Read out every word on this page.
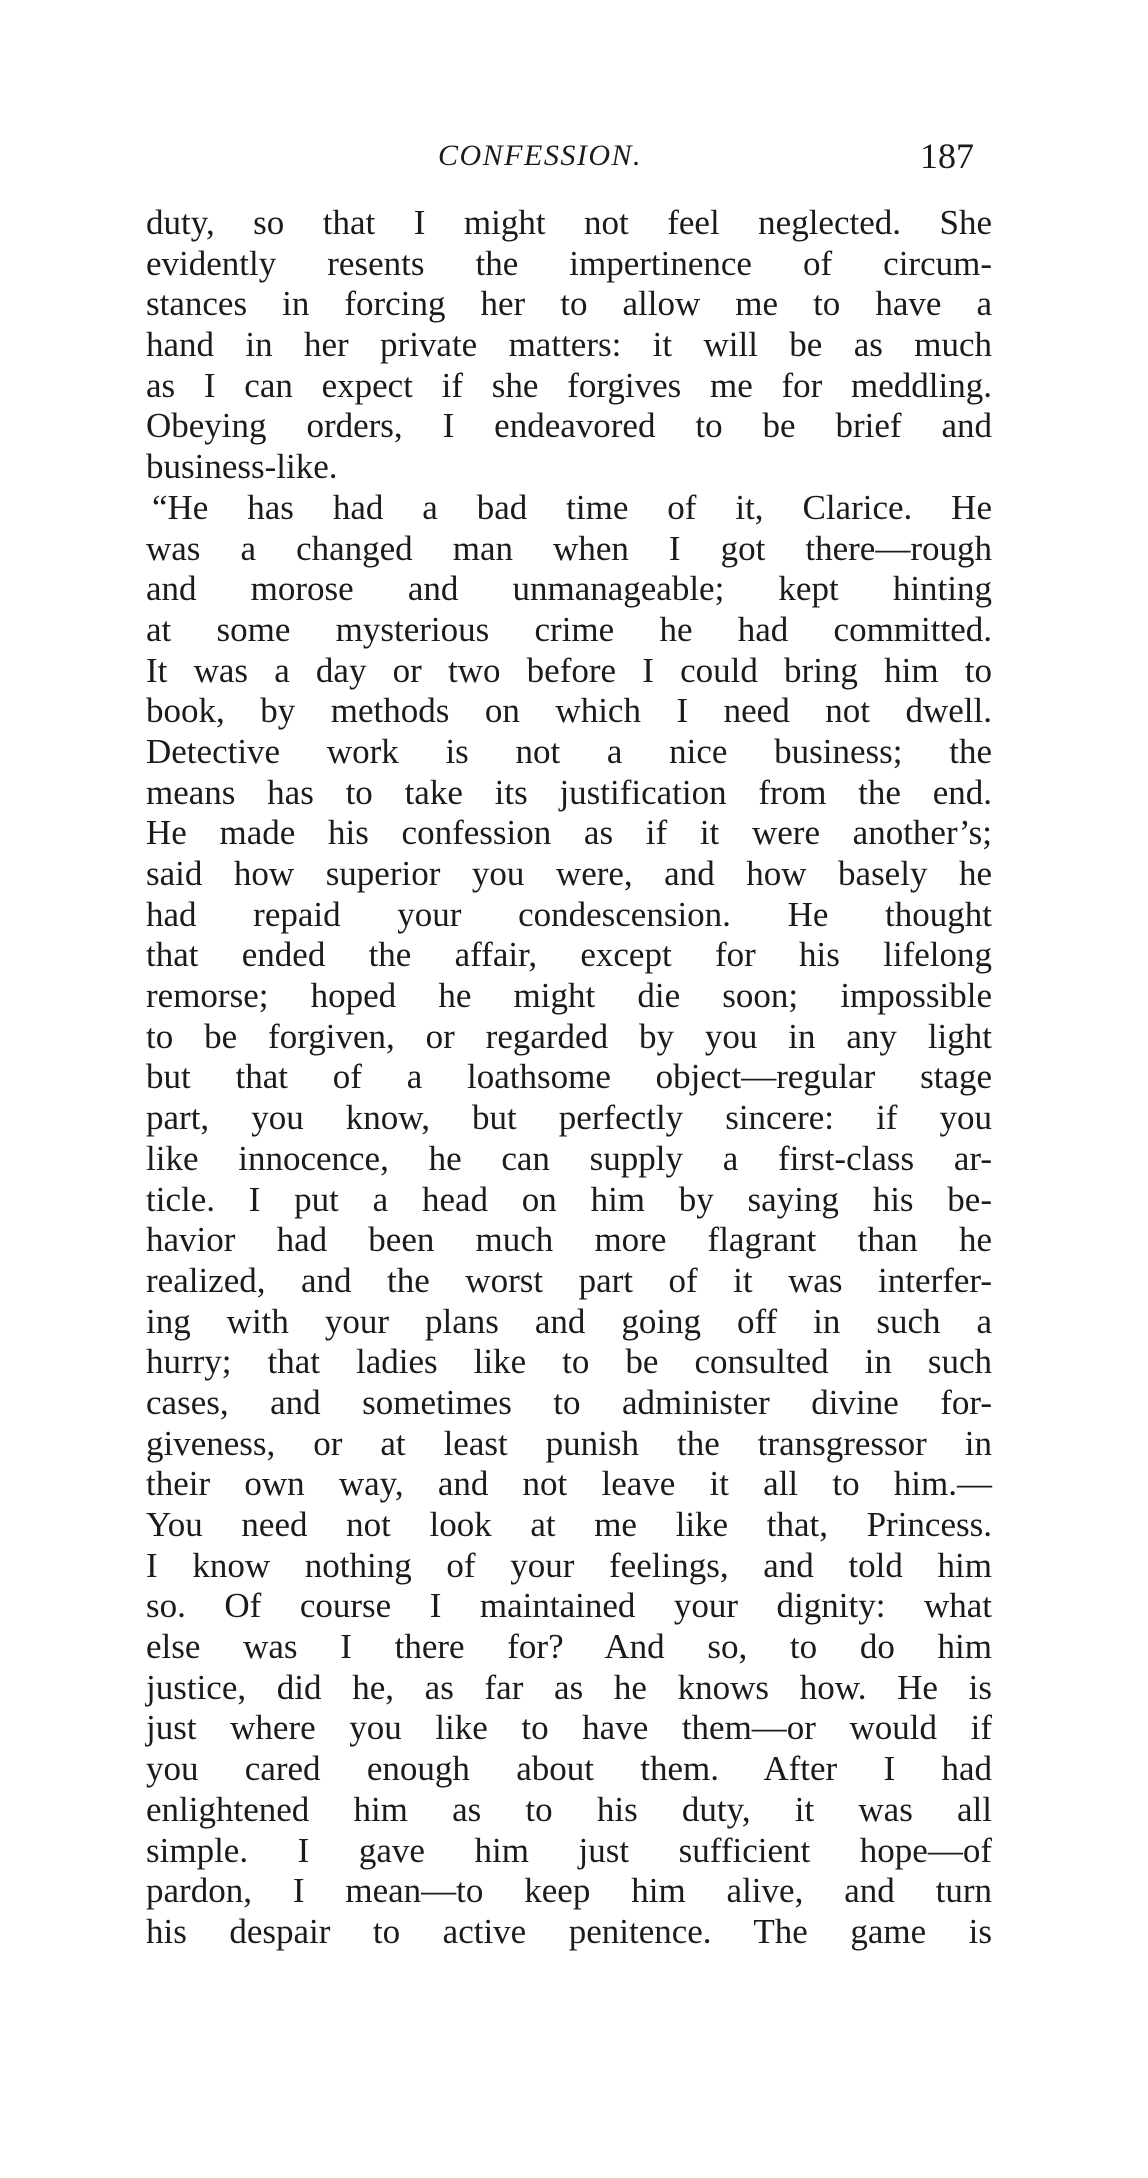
CONFESSION.	187
duty, so that I might not feel neglected. She
evidently resents the impertinence of circum-
stances in forcing her to allow me to have a
hand in her private matters: it will be as much
as I can expect if she forgives me for meddling.
Obeying orders, I endeavored to be brief and
business-like.
“He has had a bad time of it, Clarice. He
was a changed man when I got there—rough
and morose and unmanageable; kept hinting
at some mysterious crime he had committed.
It was a day or two before I could bring him to
book, by methods on which I need not dwell.
Detective work is not a nice business; the
means has to take its justification from the end.
He made his confession as if it were another’s;
said how superior you were, and how basely he
had repaid your condescension. He thought
that ended the affair, except for his lifelong
remorse; hoped he might die soon; impossible
to be forgiven, or regarded by you in any light
but that of a loathsome object—regular stage
part, you know, but perfectly sincere: if you
like innocence, he can supply a first-class ar-
ticle. I put a head on him by saying his be-
havior had been much more flagrant than he
realized, and the worst part of it was interfer-
ing with your plans and going off in such a
hurry; that ladies like to be consulted in such
cases, and sometimes to administer divine for-
giveness, or at least punish the transgressor in
their own way, and not leave it all to him.—
You need not look at me like that, Princess.
I know nothing of your feelings, and told him
so. Of course I maintained your dignity: what
else was I there for? And so, to do him
justice, did he, as far as he knows how. He is
just where you like to have them—or would if
you cared enough about them. After I had
enlightened him as to his duty, it was all
simple. I gave him just sufficient hope—of
pardon, I mean—to keep him alive, and turn
his despair to active penitence. The game is
